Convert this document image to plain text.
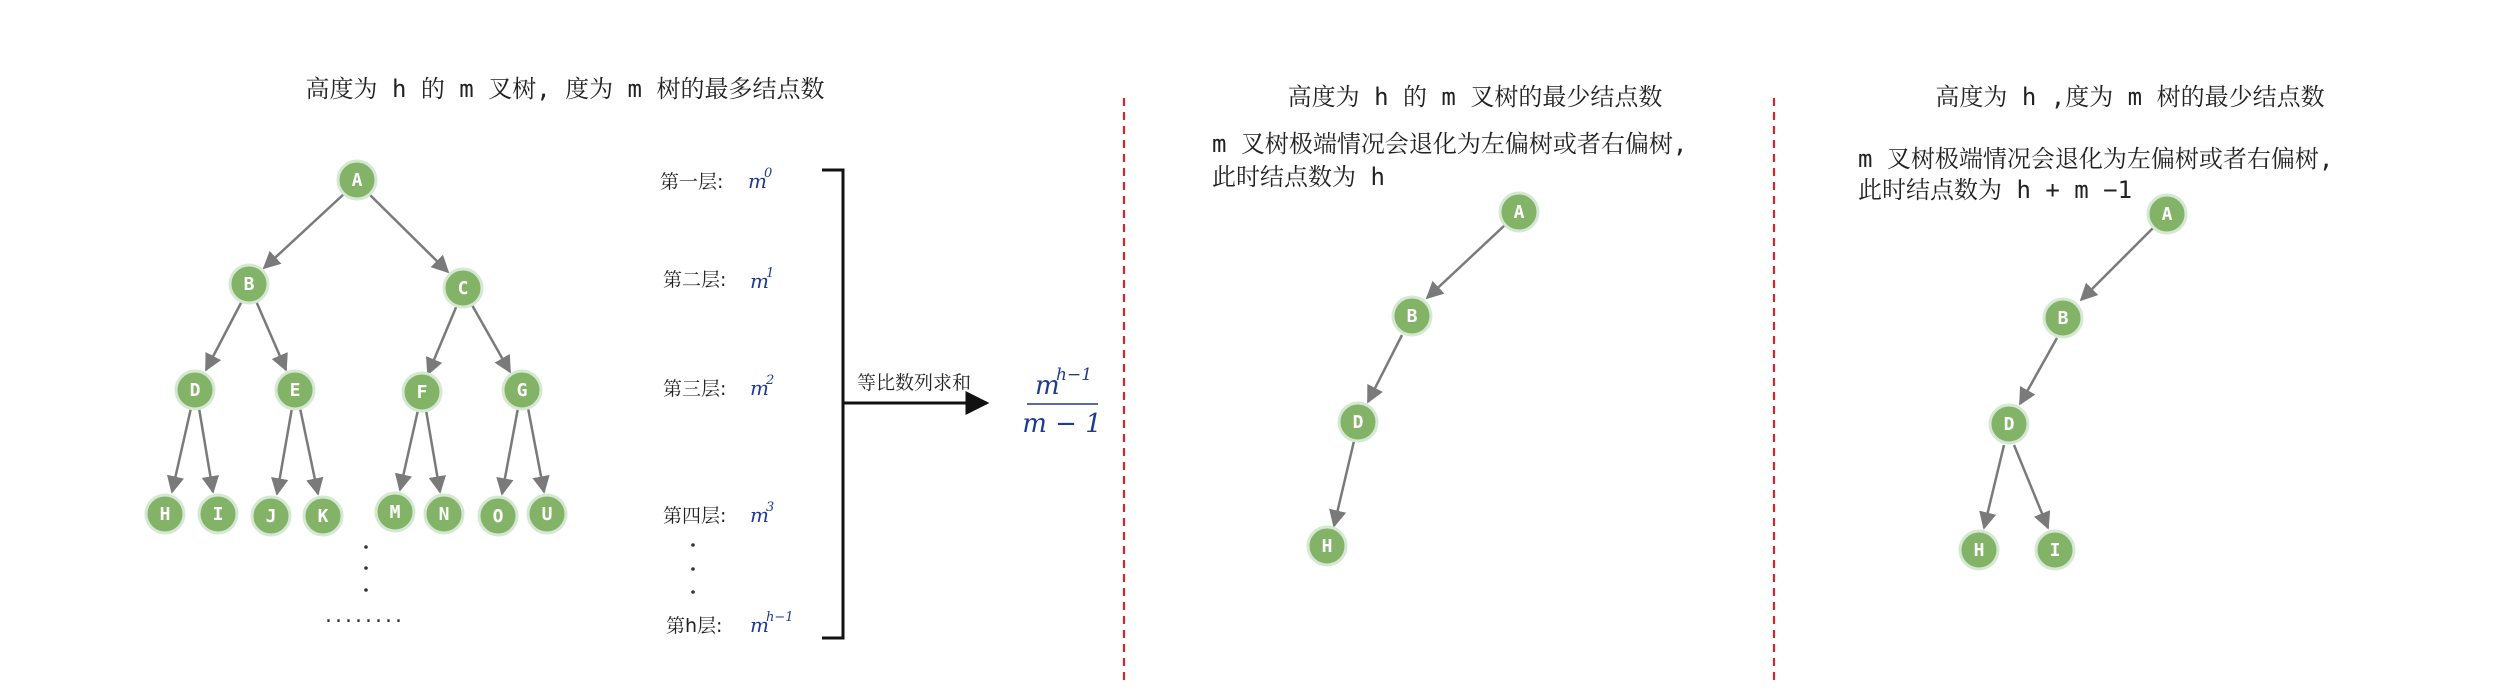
高度为 h 的 m 叉树, 度为 m 树的最多结点数
A
B	C
D	E	F	G
H I J K	M N O U
........
第一层: m
0
第二层: m
1
第三层: m
2
第四层: m
3
第h层: m
h−1
等比数列求和 m
h−1
m − 1
高度为 h 的 m 叉树的最少结点数
m 叉树极端情况会退化为左偏树或者右偏树,
此时结点数为 h
A
B
D
H
高度为 h ,度为 m 树的最少结点数
m 叉树极端情况会退化为左偏树或者右偏树,
此时结点数为 h + m −1
A
B
D
H	I
